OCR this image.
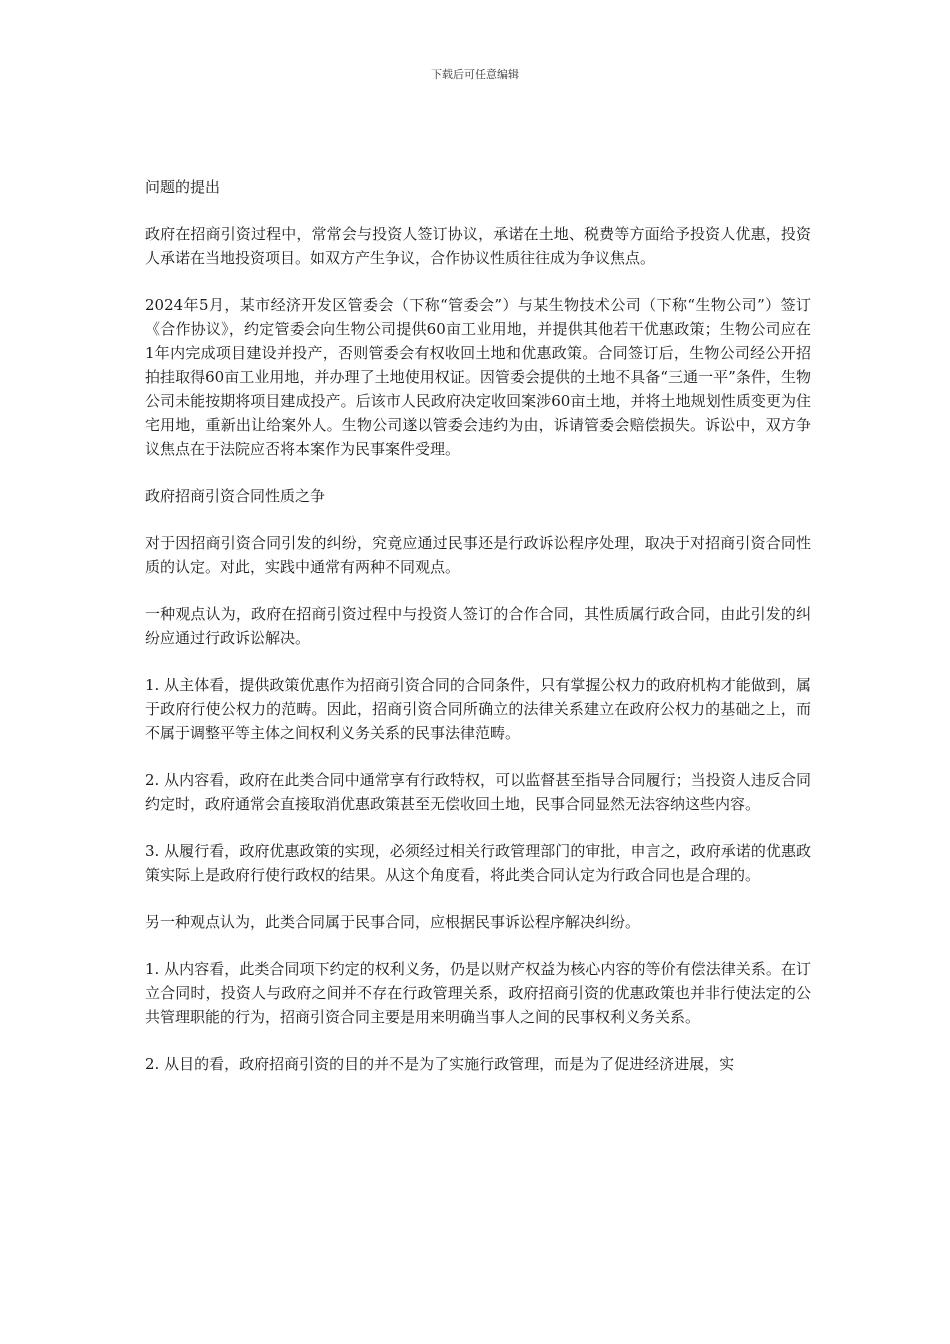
下载后可任意编辑

问题的提出

政府在招商引资过程中，常常会与投资人签订协议，承诺在土地、税费等方面给予投资人优惠，投资人承诺在当地投资项目。如双方产生争议，合作协议性质往往成为争议焦点。

2024年5月，某市经济开发区管委会（下称“管委会”）与某生物技术公司（下称“生物公司”）签订《合作协议》，约定管委会向生物公司提供60亩工业用地，并提供其他若干优惠政策；生物公司应在1年内完成项目建设并投产，否则管委会有权收回土地和优惠政策。合同签订后，生物公司经公开招拍挂取得60亩工业用地，并办理了土地使用权证。因管委会提供的土地不具备“三通一平”条件，生物公司未能按期将项目建成投产。后该市人民政府决定收回案涉60亩土地，并将土地规划性质变更为住宅用地，重新出让给案外人。生物公司遂以管委会违约为由，诉请管委会赔偿损失。诉讼中，双方争议焦点在于法院应否将本案作为民事案件受理。

政府招商引资合同性质之争

对于因招商引资合同引发的纠纷，究竟应通过民事还是行政诉讼程序处理，取决于对招商引资合同性质的认定。对此，实践中通常有两种不同观点。

一种观点认为，政府在招商引资过程中与投资人签订的合作合同，其性质属行政合同，由此引发的纠纷应通过行政诉讼解决。

1. 从主体看，提供政策优惠作为招商引资合同的合同条件，只有掌握公权力的政府机构才能做到，属于政府行使公权力的范畴。因此，招商引资合同所确立的法律关系建立在政府公权力的基础之上，而不属于调整平等主体之间权利义务关系的民事法律范畴。

2. 从内容看，政府在此类合同中通常享有行政特权，可以监督甚至指导合同履行；当投资人违反合同约定时，政府通常会直接取消优惠政策甚至无偿收回土地，民事合同显然无法容纳这些内容。

3. 从履行看，政府优惠政策的实现，必须经过相关行政管理部门的审批，申言之，政府承诺的优惠政策实际上是政府行使行政权的结果。从这个角度看，将此类合同认定为行政合同也是合理的。

另一种观点认为，此类合同属于民事合同，应根据民事诉讼程序解决纠纷。

1. 从内容看，此类合同项下约定的权利义务，仍是以财产权益为核心内容的等价有偿法律关系。在订立合同时，投资人与政府之间并不存在行政管理关系，政府招商引资的优惠政策也并非行使法定的公共管理职能的行为，招商引资合同主要是用来明确当事人之间的民事权利义务关系。

2. 从目的看，政府招商引资的目的并不是为了实施行政管理，而是为了促进经济进展，实
